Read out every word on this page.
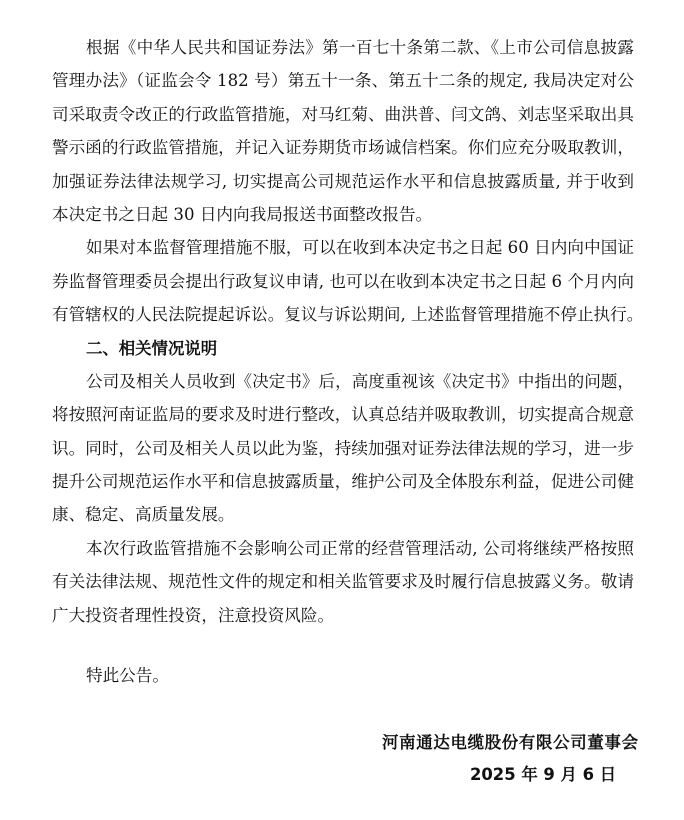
根据《中华人民共和国证券法》第一百七十条第二款、《上市公司信息披露
管理办法》（证监会令 182 号）第五十一条、第五十二条的规定, 我局决定对公
司采取责令改正的行政监管措施，对马红菊、曲洪普、闫文鸽、刘志坚采取出具
警示函的行政监管措施，并记入证券期货市场诚信档案。你们应充分吸取教训，
加强证券法律法规学习, 切实提高公司规范运作水平和信息披露质量, 并于收到
本决定书之日起 30 日内向我局报送书面整改报告。
如果对本监督管理措施不服，可以在收到本决定书之日起 60 日内向中国证
券监督管理委员会提出行政复议申请, 也可以在收到本决定书之日起 6 个月内向
有管辖权的人民法院提起诉讼。复议与诉讼期间, 上述监督管理措施不停止执行。
二、相关情况说明
公司及相关人员收到《决定书》后，高度重视该《决定书》中指出的问题，
将按照河南证监局的要求及时进行整改，认真总结并吸取教训，切实提高合规意
识。同时，公司及相关人员以此为鉴，持续加强对证券法律法规的学习，进一步
提升公司规范运作水平和信息披露质量，维护公司及全体股东利益，促进公司健
康、稳定、高质量发展。
本次行政监管措施不会影响公司正常的经营管理活动, 公司将继续严格按照
有关法律法规、规范性文件的规定和相关监管要求及时履行信息披露义务。敬请
广大投资者理性投资，注意投资风险。
特此公告。
河南通达电缆股份有限公司董事会
2025 年 9 月 6 日
